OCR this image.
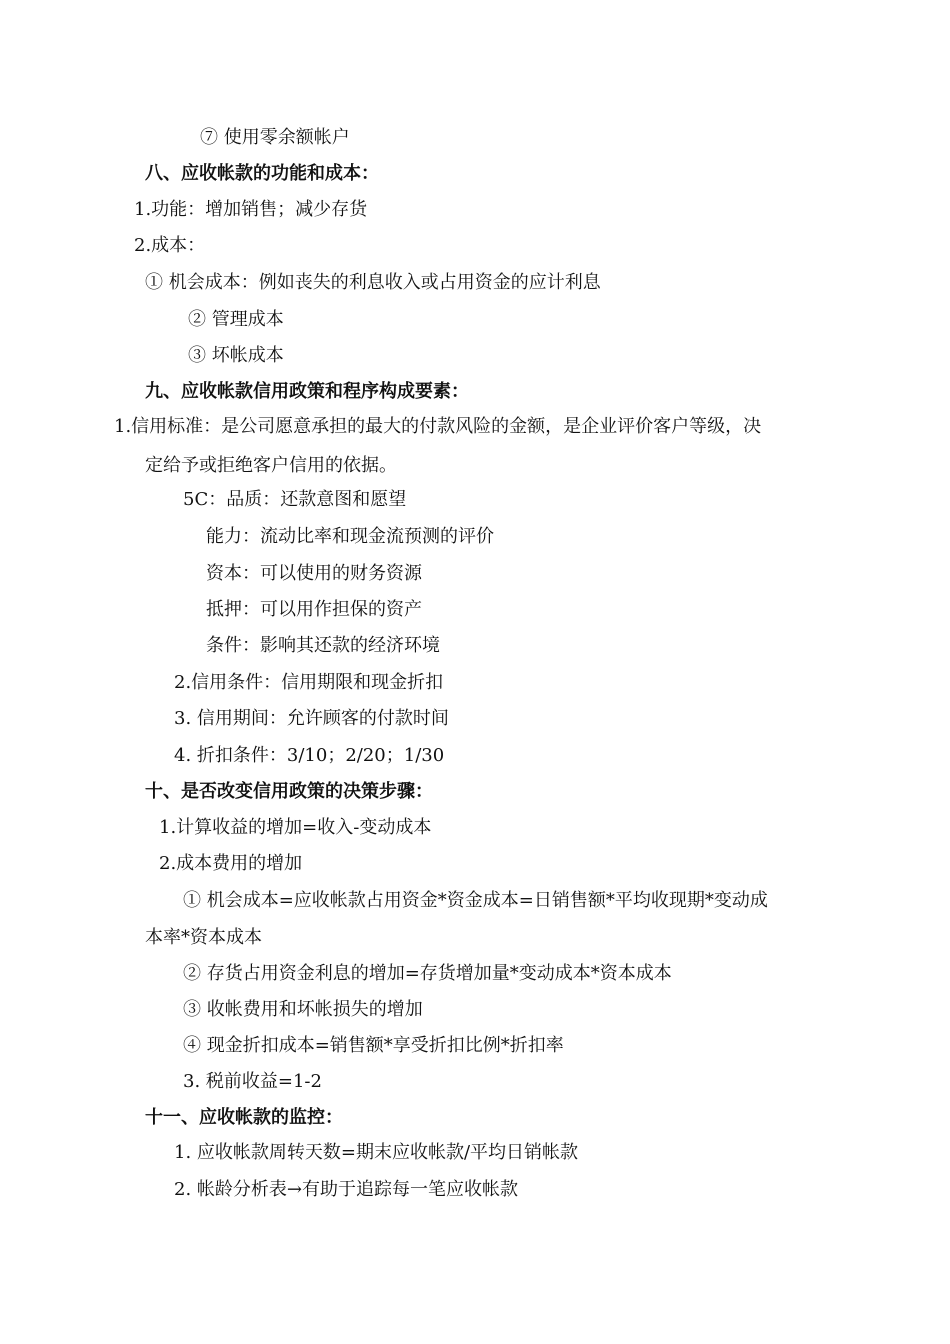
⑦ 使用零余额帐户
八、应收帐款的功能和成本：
1.功能：增加销售；减少存货
2.成本：
① 机会成本：例如丧失的利息收入或占用资金的应计利息
② 管理成本
③ 坏帐成本
九、应收帐款信用政策和程序构成要素：
1.信用标准：是公司愿意承担的最大的付款风险的金额，是企业评价客户等级，决
定给予或拒绝客户信用的依据。
5C：品质：还款意图和愿望
能力：流动比率和现金流预测的评价
资本：可以使用的财务资源
抵押：可以用作担保的资产
条件：影响其还款的经济环境
2.信用条件：信用期限和现金折扣
3. 信用期间：允许顾客的付款时间
4. 折扣条件：3/10；2/20；1/30
十、是否改变信用政策的决策步骤：
1.计算收益的增加=收入-变动成本
2.成本费用的增加
① 机会成本=应收帐款占用资金*资金成本=日销售额*平均收现期*变动成
本率*资本成本
② 存货占用资金利息的增加=存货增加量*变动成本*资本成本
③ 收帐费用和坏帐损失的增加
④ 现金折扣成本=销售额*享受折扣比例*折扣率
3. 税前收益=1-2
十一、应收帐款的监控：
1. 应收帐款周转天数=期末应收帐款/平均日销帐款
2. 帐龄分析表→有助于追踪每一笔应收帐款
